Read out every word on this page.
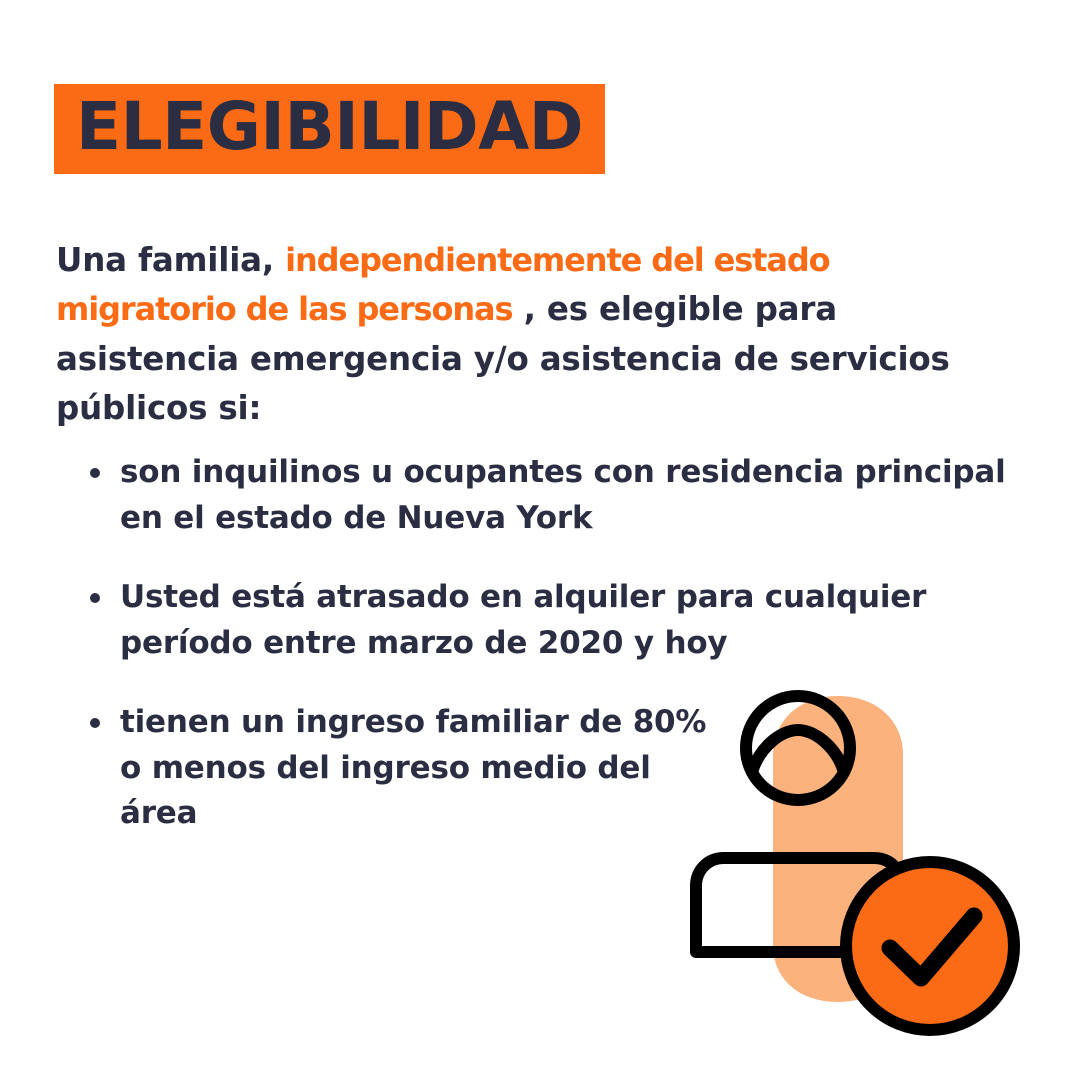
ELEGIBILIDAD
Una familia, independientemente del estado migratorio de las personas , es elegible para asistencia emergencia y/o asistencia de servicios públicos si:
son inquilinos u ocupantes con residencia principal en el estado de Nueva York
Usted está atrasado en alquiler para cualquier período entre marzo de 2020 y hoy
tienen un ingreso familiar de 80% o menos del ingreso medio del área
